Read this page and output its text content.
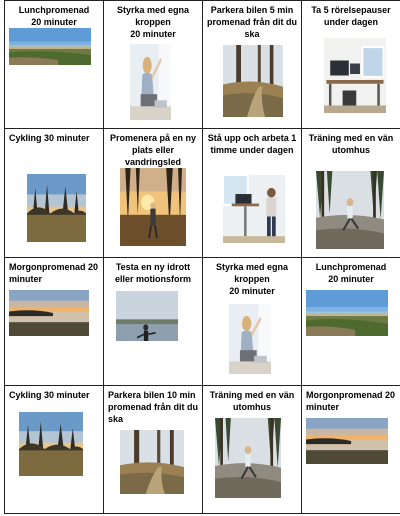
Lunchpromenad
20 minuter	Styrka med egna
kroppen
20 minuter	Parkera bilen 5 min
promenad från dit du
ska	Ta 5 rörelsepauser
under dagen

Cykling 30 minuter	Promenera på en ny
plats eller
vandringsled	Stå upp och arbeta 1
timme under dagen	Träning med en vän
utomhus

Morgonpromenad 20
minuter	Testa en ny idrott
eller motionsform	Styrka med egna
kroppen
20 minuter	Lunchpromenad
20 minuter

Cykling 30 minuter	Parkera bilen 10 min
promenad från dit du
ska	Träning med en vän
utomhus	Morgonpromenad 20
minuter
